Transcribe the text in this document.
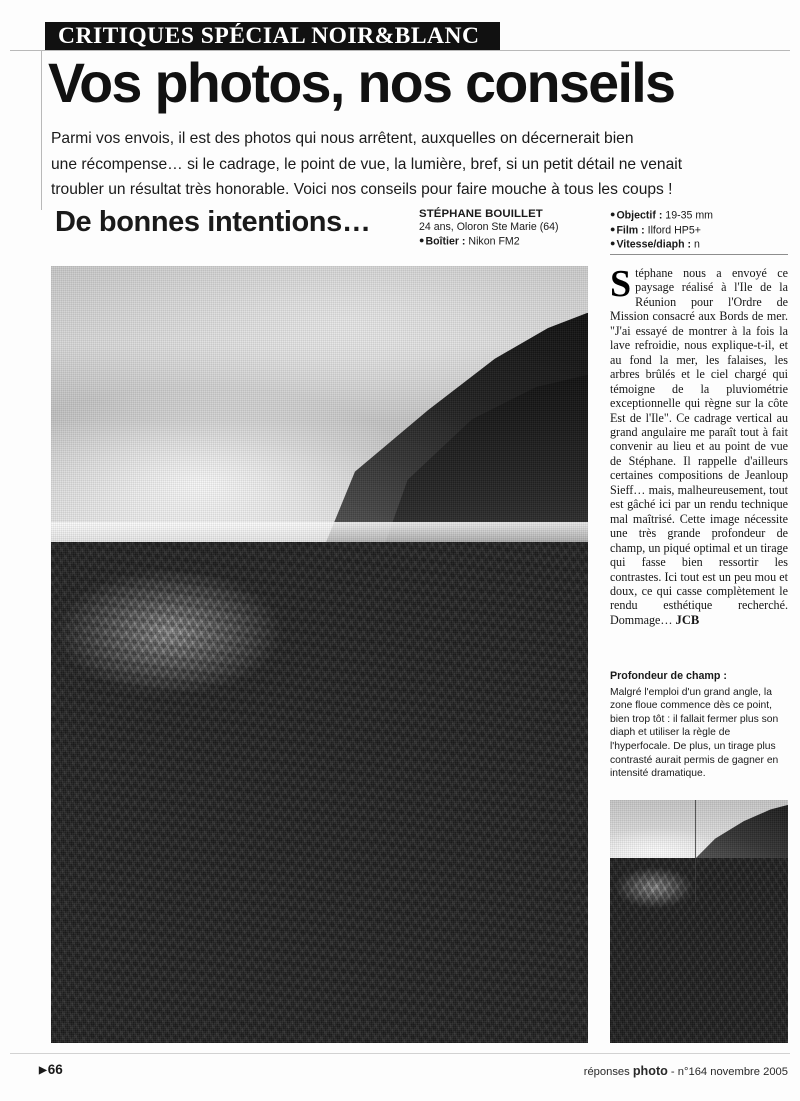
CRITIQUES SPÉCIAL NOIR&BLANC
Vos photos, nos conseils
Parmi vos envois, il est des photos qui nous arrêtent, auxquelles on décernerait bien
une récompense… si le cadrage, le point de vue, la lumière, bref, si un petit détail ne venait
troubler un résultat très honorable. Voici nos conseils pour faire mouche à tous les coups !
De bonnes intentions…	STÉPHANE BOUILLET
24 ans, Oloron Ste Marie (64)
●Boîtier : Nikon FM2
●Objectif : 19-35 mm
●Film : Ilford HP5+
●Vitesse/diaph : n
Stéphane nous a envoyé ce paysage réalisé à l'Ile de la Réunion pour l'Ordre de Mission consacré aux Bords de mer. "J'ai essayé de montrer à la fois la lave refroidie, nous explique-t-il, et au fond la mer, les falaises, les arbres brûlés et le ciel chargé qui témoigne de la pluviométrie exceptionnelle qui règne sur la côte Est de l'Ile". Ce cadrage vertical au grand angulaire me paraît tout à fait convenir au lieu et au point de vue de Stéphane. Il rappelle d'ailleurs certaines compositions de Jeanloup Sieff… mais, malheureusement, tout est gâché ici par un rendu technique mal maîtrisé. Cette image nécessite une très grande profondeur de champ, un piqué optimal et un tirage qui fasse bien ressortir les contrastes. Ici tout est un peu mou et doux, ce qui casse complètement le rendu esthétique recherché. Dommage… JCB
Profondeur de champ :
Malgré l'emploi d'un grand angle, la zone floue commence dès ce point, bien trop tôt : il fallait fermer plus son diaph et utiliser la règle de l'hyperfocale. De plus, un tirage plus contrasté aurait permis de gagner en intensité dramatique.
▶66	réponses photo - n°164 novembre 2005
